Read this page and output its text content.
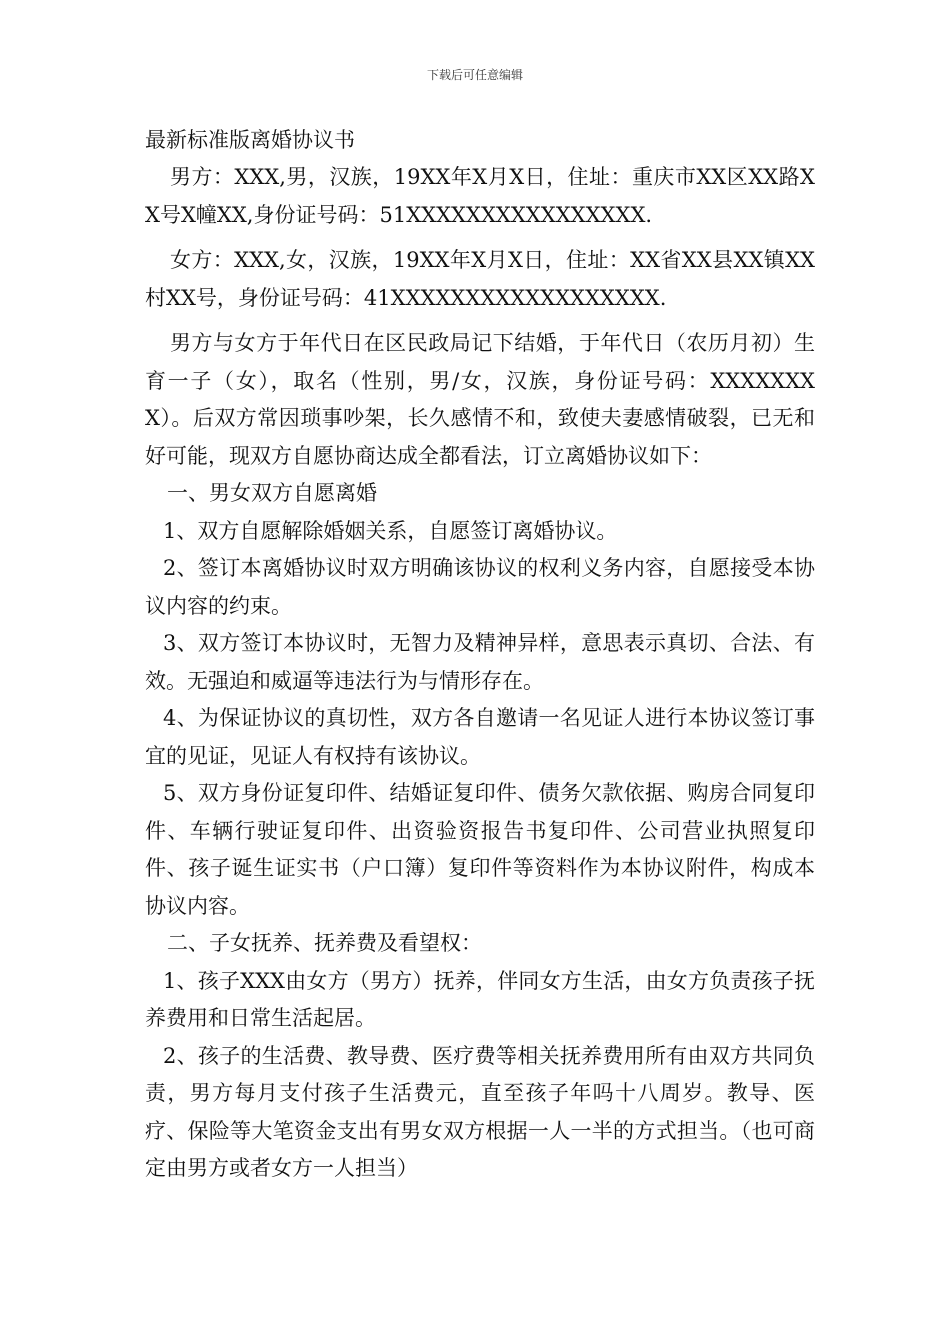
下载后可任意编辑

最新标准版离婚协议书

男方：XXX,男，汉族，19XX年X月X日，住址：重庆市XX区XX路XX号X幢XX,身份证号码：51XXXXXXXXXXXXXXXX.

女方：XXX,女，汉族，19XX年X月X日，住址：XX省XX县XX镇XX村XX号，身份证号码：41XXXXXXXXXXXXXXXXXX.

男方与女方于年代日在区民政局记下结婚，于年代日（农历月初）生育一子（女），取名（性别，男/女，汉族，身份证号码：XXXXXXXX）。后双方常因琐事吵架，长久感情不和，致使夫妻感情破裂，已无和好可能，现双方自愿协商达成全都看法，订立离婚协议如下：

一、男女双方自愿离婚

1、双方自愿解除婚姻关系，自愿签订离婚协议。

2、签订本离婚协议时双方明确该协议的权利义务内容，自愿接受本协议内容的约束。

3、双方签订本协议时，无智力及精神异样，意思表示真切、合法、有效。无强迫和威逼等违法行为与情形存在。

4、为保证协议的真切性，双方各自邀请一名见证人进行本协议签订事宜的见证，见证人有权持有该协议。

5、双方身份证复印件、结婚证复印件、债务欠款依据、购房合同复印件、车辆行驶证复印件、出资验资报告书复印件、公司营业执照复印件、孩子诞生证实书（户口簿）复印件等资料作为本协议附件，构成本协议内容。

二、子女抚养、抚养费及看望权：

1、孩子XXX由女方（男方）抚养，伴同女方生活，由女方负责孩子抚养费用和日常生活起居。

2、孩子的生活费、教导费、医疗费等相关抚养费用所有由双方共同负责，男方每月支付孩子生活费元，直至孩子年吗十八周岁。教导、医疗、保险等大笔资金支出有男女双方根据一人一半的方式担当。（也可商定由男方或者女方一人担当）
